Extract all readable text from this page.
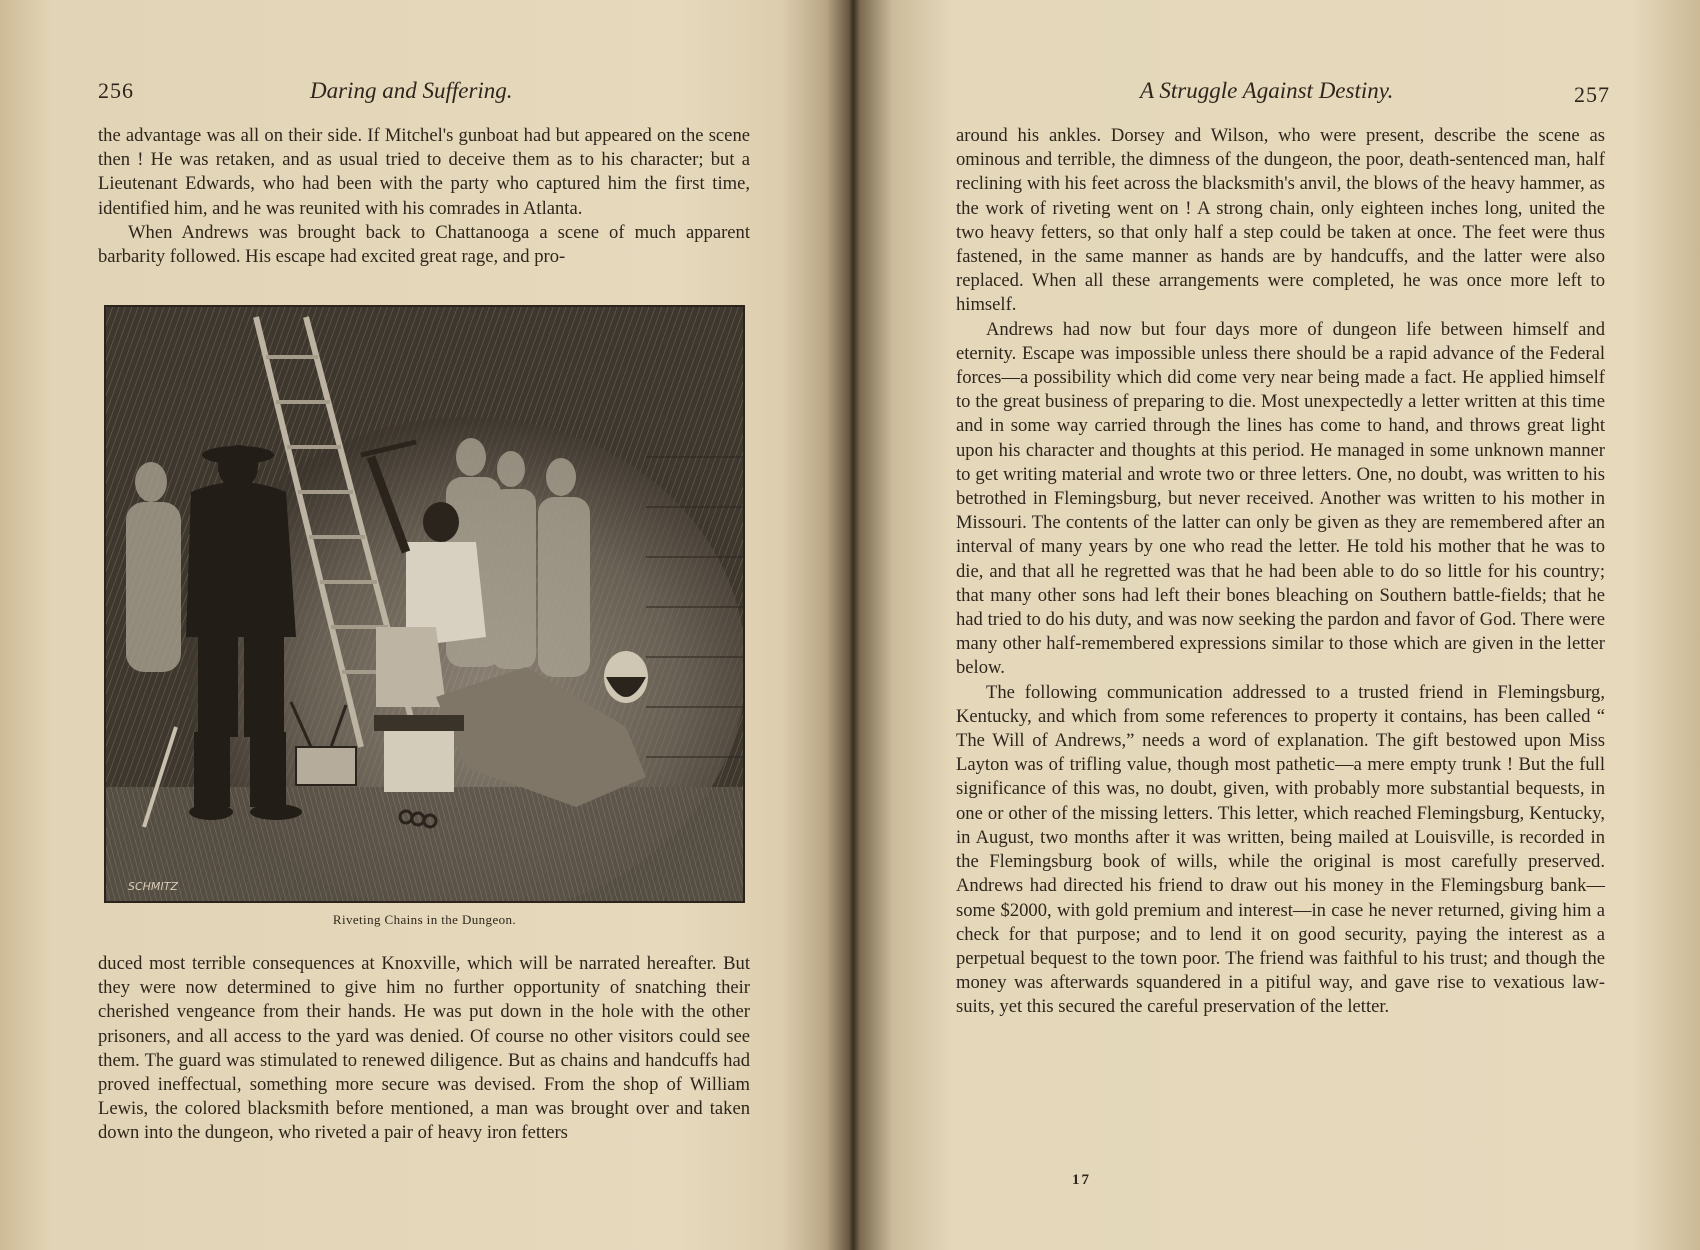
256	Daring and Suffering.

the advantage was all on their side. If Mitchel's gunboat had but appeared on the scene then ! He was retaken, and as usual tried to deceive them as to his character; but a Lieutenant Edwards, who had been with the party who captured him the first time, identified him, and he was reunited with his comrades in Atlanta.

When Andrews was brought back to Chattanooga a scene of much apparent barbarity followed. His escape had excited great rage, and pro-

SCHMITZ
Riveting Chains in the Dungeon.

duced most terrible consequences at Knoxville, which will be narrated hereafter. But they were now determined to give him no further opportunity of snatching their cherished vengeance from their hands. He was put down in the hole with the other prisoners, and all access to the yard was denied. Of course no other visitors could see them. The guard was stimulated to renewed diligence. But as chains and handcuffs had proved ineffectual, something more secure was devised. From the shop of William Lewis, the colored blacksmith before mentioned, a man was brought over and taken down into the dungeon, who riveted a pair of heavy iron fetters

A Struggle Against Destiny.	257

around his ankles. Dorsey and Wilson, who were present, describe the scene as ominous and terrible, the dimness of the dungeon, the poor, death-sentenced man, half reclining with his feet across the blacksmith's anvil, the blows of the heavy hammer, as the work of riveting went on ! A strong chain, only eighteen inches long, united the two heavy fetters, so that only half a step could be taken at once. The feet were thus fastened, in the same manner as hands are by handcuffs, and the latter were also replaced. When all these arrangements were completed, he was once more left to himself.

Andrews had now but four days more of dungeon life between himself and eternity. Escape was impossible unless there should be a rapid advance of the Federal forces—a possibility which did come very near being made a fact. He applied himself to the great business of preparing to die. Most unexpectedly a letter written at this time and in some way carried through the lines has come to hand, and throws great light upon his character and thoughts at this period. He managed in some unknown manner to get writing material and wrote two or three letters. One, no doubt, was written to his betrothed in Flemingsburg, but never received. Another was written to his mother in Missouri. The contents of the latter can only be given as they are remembered after an interval of many years by one who read the letter. He told his mother that he was to die, and that all he regretted was that he had been able to do so little for his country; that many other sons had left their bones bleaching on Southern battle-fields; that he had tried to do his duty, and was now seeking the pardon and favor of God. There were many other half-remembered expressions similar to those which are given in the letter below.

The following communication addressed to a trusted friend in Flemingsburg, Kentucky, and which from some references to property it contains, has been called “ The Will of Andrews,” needs a word of explanation. The gift bestowed upon Miss Layton was of trifling value, though most pathetic—a mere empty trunk ! But the full significance of this was, no doubt, given, with probably more substantial bequests, in one or other of the missing letters. This letter, which reached Flemingsburg, Kentucky, in August, two months after it was written, being mailed at Louisville, is recorded in the Flemingsburg book of wills, while the original is most carefully preserved. Andrews had directed his friend to draw out his money in the Flemingsburg bank—some $2000, with gold premium and interest—in case he never returned, giving him a check for that purpose; and to lend it on good security, paying the interest as a perpetual bequest to the town poor. The friend was faithful to his trust; and though the money was afterwards squandered in a pitiful way, and gave rise to vexatious law-suits, yet this secured the careful preservation of the letter.

17
